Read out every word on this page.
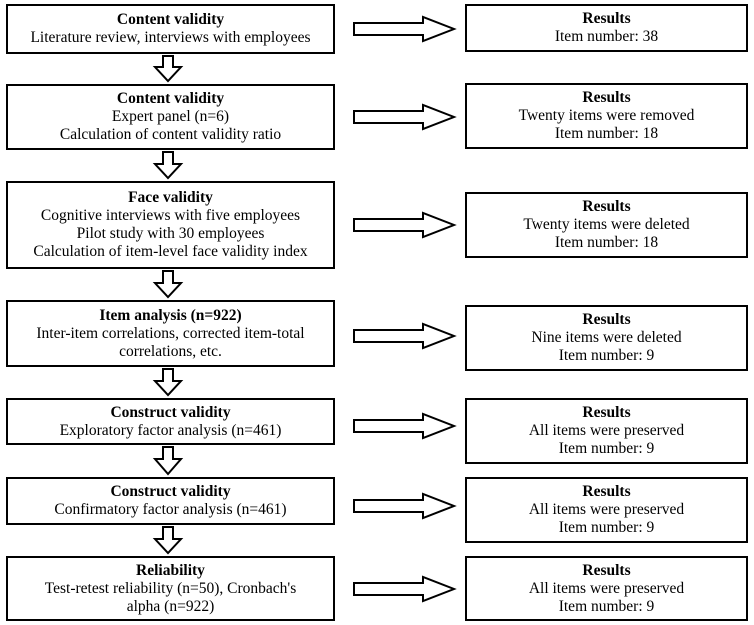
Content validity
Literature review, interviews with employees
Results
Item number: 38
Content validity
Expert panel (n=6)
Calculation of content validity ratio
Results
Twenty items were removed
Item number: 18
Face validity
Cognitive interviews with five employees
Pilot study with 30 employees
Calculation of item-level face validity index
Results
Twenty items were deleted
Item number: 18
Item analysis (n=922)
Inter-item correlations, corrected item-total
correlations, etc.
Results
Nine items were deleted
Item number: 9
Construct validity
Exploratory factor analysis (n=461)
Results
All items were preserved
Item number: 9
Construct validity
Confirmatory factor analysis (n=461)
Results
All items were preserved
Item number: 9
Reliability
Test-retest reliability (n=50), Cronbach's
alpha (n=922)
Results
All items were preserved
Item number: 9
